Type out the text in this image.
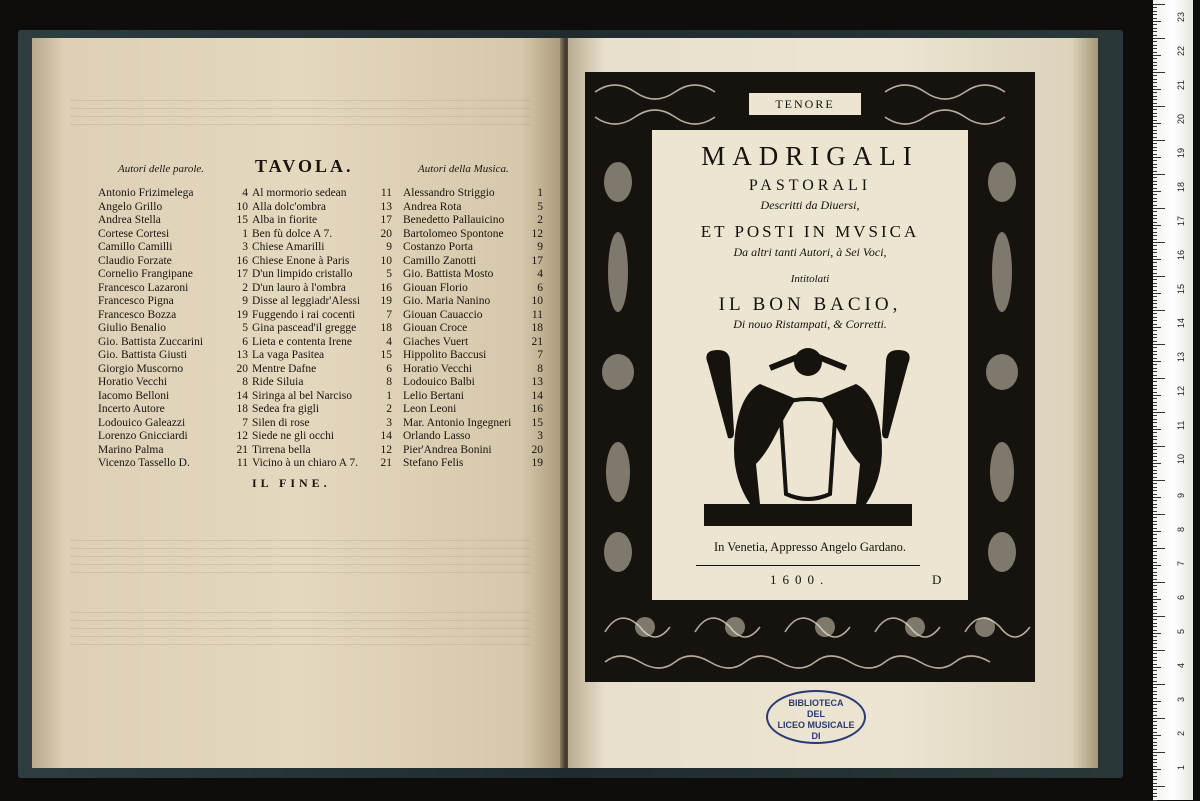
Autori delle parole.	TAVOLA.	Autori della Musica.
Antonio Frizimelega	4
Angelo Grillo	10
Andrea Stella	15
Cortese Cortesi	1
Camillo Camilli	3
Claudio Forzate	16
Cornelio Frangipane	17
Francesco Lazaroni	2
Francesco Pigna	9
Francesco Bozza	19
Giulio Benalio	5
Gio. Battista Zuccarini	6
Gio. Battista Giusti	13
Giorgio Muscorno	20
Horatio Vecchi	8
Iacomo Belloni	14
Incerto Autore	18
Lodouico Galeazzi	7
Lorenzo Gnicciardi	12
Marino Palma	21
Vicenzo Tassello D.	11
Al mormorio sedean	11
Alla dolc'ombra	13
Alba in fiorite	17
Ben fù dolce A 7.	20
Chiese Amarilli	9
Chiese Enone à Paris	10
D'un limpido cristallo	5
D'un lauro à l'ombra	16
Disse al leggiadr'Alessi 19
Fuggendo i rai cocenti	7
Gina pascead'il gregge 18
Lieta e contenta Irene	4
La vaga Pasitea	15
Mentre Dafne	6
Ride Siluia	8
Siringa al bel Narciso	1
Sedea fra gigli	2
Silen di rose	3
Siede ne gli occhi	14
Tirrena bella	12
Vicino à un chiaro A 7. 21
Alessandro Striggio	1
Andrea Rota	5
Benedetto Pallauicino	2
Bartolomeo Spontone 12
Costanzo Porta	9
Camillo Zanotti	17
Gio. Battista Mosto	4
Giouan Florio	6
Gio. Maria Nanino	10
Giouan Cauaccio	11
Giouan Croce	18
Giaches Vuert	21
Hippolito Baccusi	7
Horatio Vecchi	8
Lodouico Balbi	13
Lelio Bertani	14
Leon Leoni	16
Mar. Antonio Ingegneri 15
Orlando Lasso	3
Pier'Andrea Bonini	20
Stefano Felis	19
IL FINE.
TENORE
MADRIGALI
PASTORALI
Descritti da Diuersi,
ET POSTI IN MVSICA
Da altri tanti Autori, à Sei Voci,
Intitolati
IL BON BACIO,
Di nouo Ristampati, & Corretti.
In Venetia, Appresso Angelo Gardano.
1600.	D
BIBLIOTECA
DEL
LICEO MUSICALE
DI
23
22
21
20
19
18
17
16
15
14
13
12
11
10
9
8
7
6
5
4
3
2
1
